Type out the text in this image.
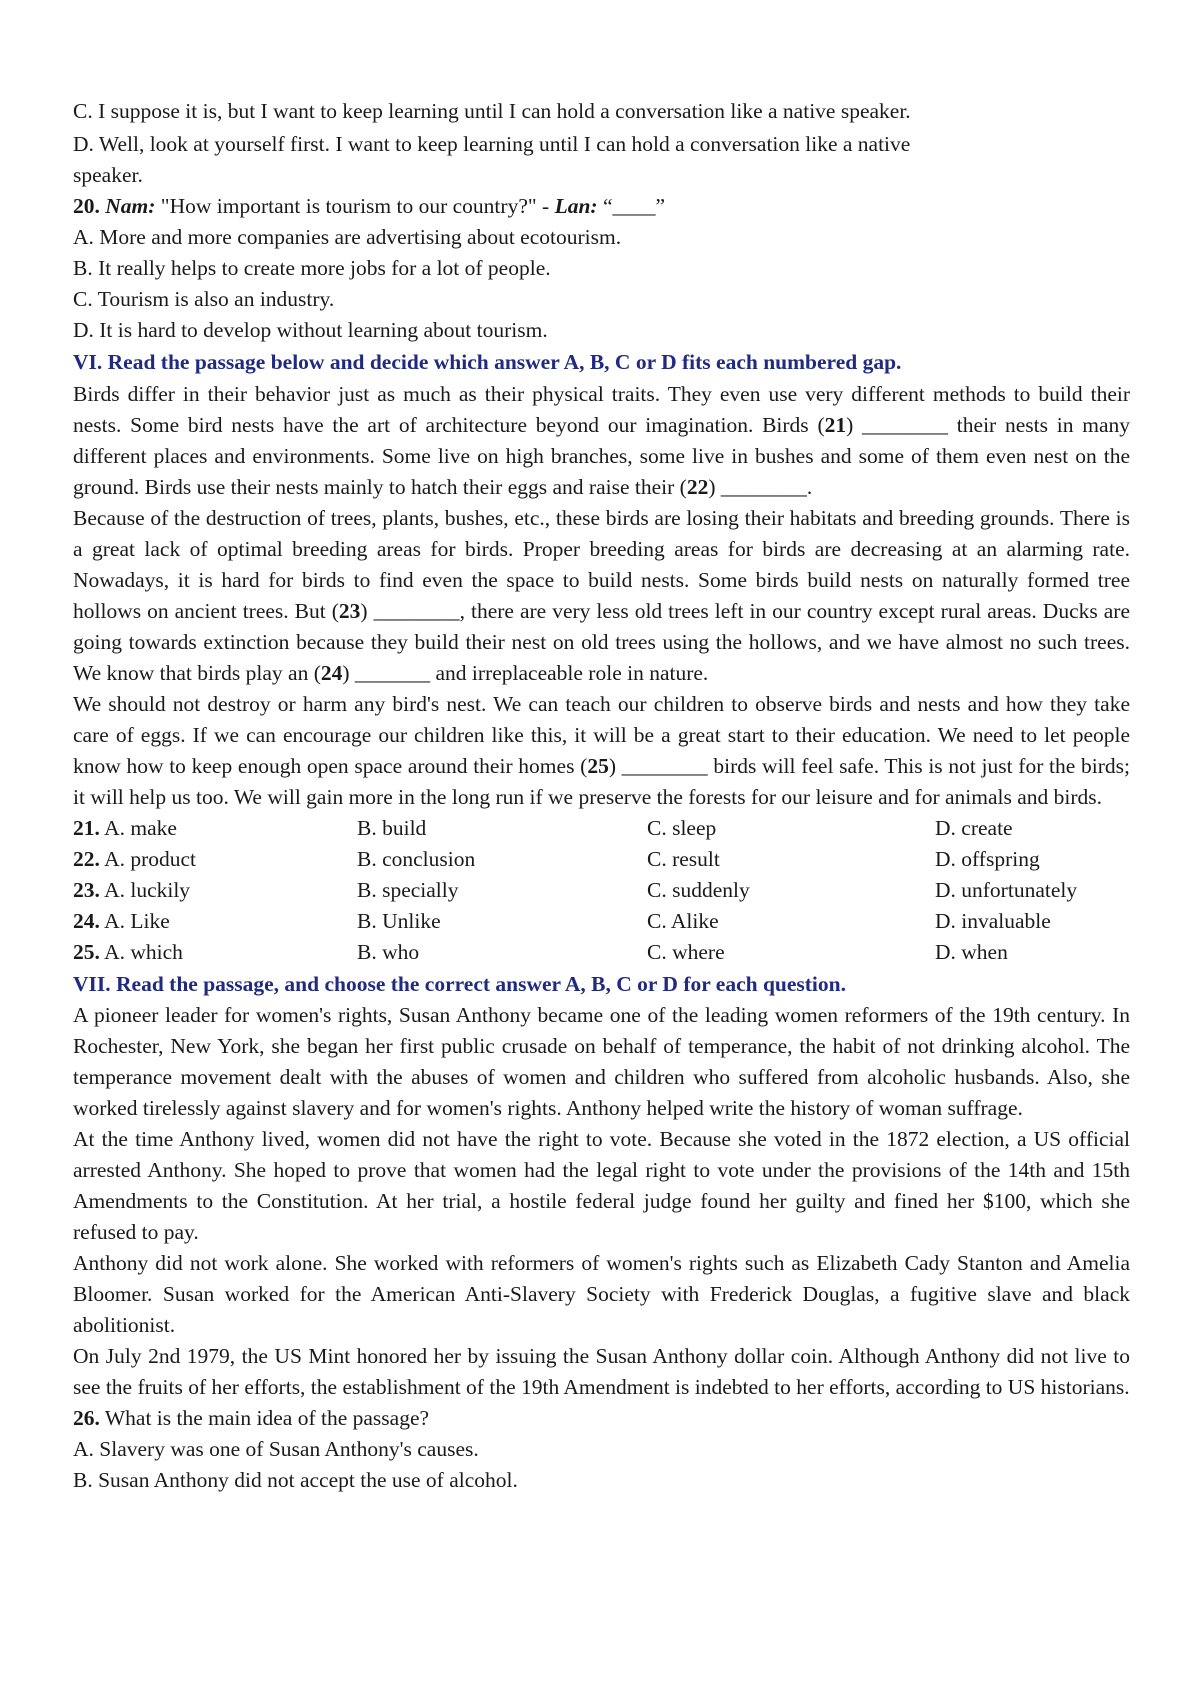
C. I suppose it is, but I want to keep learning until I can hold a conversation like a native speaker.

D. Well, look at yourself first. I want to keep learning until I can hold a conversation like a native

speaker.

20. Nam: "How important is tourism to our country?" - Lan: “____”

A. More and more companies are advertising about ecotourism.

B. It really helps to create more jobs for a lot of people.

C. Tourism is also an industry.

D. It is hard to develop without learning about tourism.

VI. Read the passage below and decide which answer A, B, C or D fits each numbered gap.

Birds differ in their behavior just as much as their physical traits. They even use very different methods to build their nests. Some bird nests have the art of architecture beyond our imagination. Birds (21) ________ their nests in many different places and environments. Some live on high branches, some live in bushes and some of them even nest on the ground. Birds use their nests mainly to hatch their eggs and raise their (22) ________.

Because of the destruction of trees, plants, bushes, etc., these birds are losing their habitats and breeding grounds. There is a great lack of optimal breeding areas for birds. Proper breeding areas for birds are decreasing at an alarming rate. Nowadays, it is hard for birds to find even the space to build nests. Some birds build nests on naturally formed tree hollows on ancient trees. But (23) ________, there are very less old trees left in our country except rural areas. Ducks are going towards extinction because they build their nest on old trees using the hollows, and we have almost no such trees. We know that birds play an (24) _______ and irreplaceable role in nature.

We should not destroy or harm any bird's nest. We can teach our children to observe birds and nests and how they take care of eggs. If we can encourage our children like this, it will be a great start to their education. We need to let people know how to keep enough open space around their homes (25) ________ birds will feel safe. This is not just for the birds; it will help us too. We will gain more in the long run if we preserve the forests for our leisure and for animals and birds.

21. A. make	B. build	C. sleep	D. create
22. A. product	B. conclusion	C. result	D. offspring
23. A. luckily	B. specially	C. suddenly	D. unfortunately
24. A. Like	B. Unlike	C. Alike	D. invaluable
25. A. which	B. who	C. where	D. when

VII. Read the passage, and choose the correct answer A, B, C or D for each question.

A pioneer leader for women's rights, Susan Anthony became one of the leading women reformers of the 19th century. In Rochester, New York, she began her first public crusade on behalf of temperance, the habit of not drinking alcohol. The temperance movement dealt with the abuses of women and children who suffered from alcoholic husbands. Also, she worked tirelessly against slavery and for women's rights. Anthony helped write the history of woman suffrage.

At the time Anthony lived, women did not have the right to vote. Because she voted in the 1872 election, a US official arrested Anthony. She hoped to prove that women had the legal right to vote under the provisions of the 14th and 15th Amendments to the Constitution. At her trial, a hostile federal judge found her guilty and fined her $100, which she refused to pay.

Anthony did not work alone. She worked with reformers of women's rights such as Elizabeth Cady Stanton and Amelia Bloomer. Susan worked for the American Anti-Slavery Society with Frederick Douglas, a fugitive slave and black abolitionist.

On July 2nd 1979, the US Mint honored her by issuing the Susan Anthony dollar coin. Although Anthony did not live to see the fruits of her efforts, the establishment of the 19th Amendment is indebted to her efforts, according to US historians.

26. What is the main idea of the passage?

A. Slavery was one of Susan Anthony's causes.

B. Susan Anthony did not accept the use of alcohol.
